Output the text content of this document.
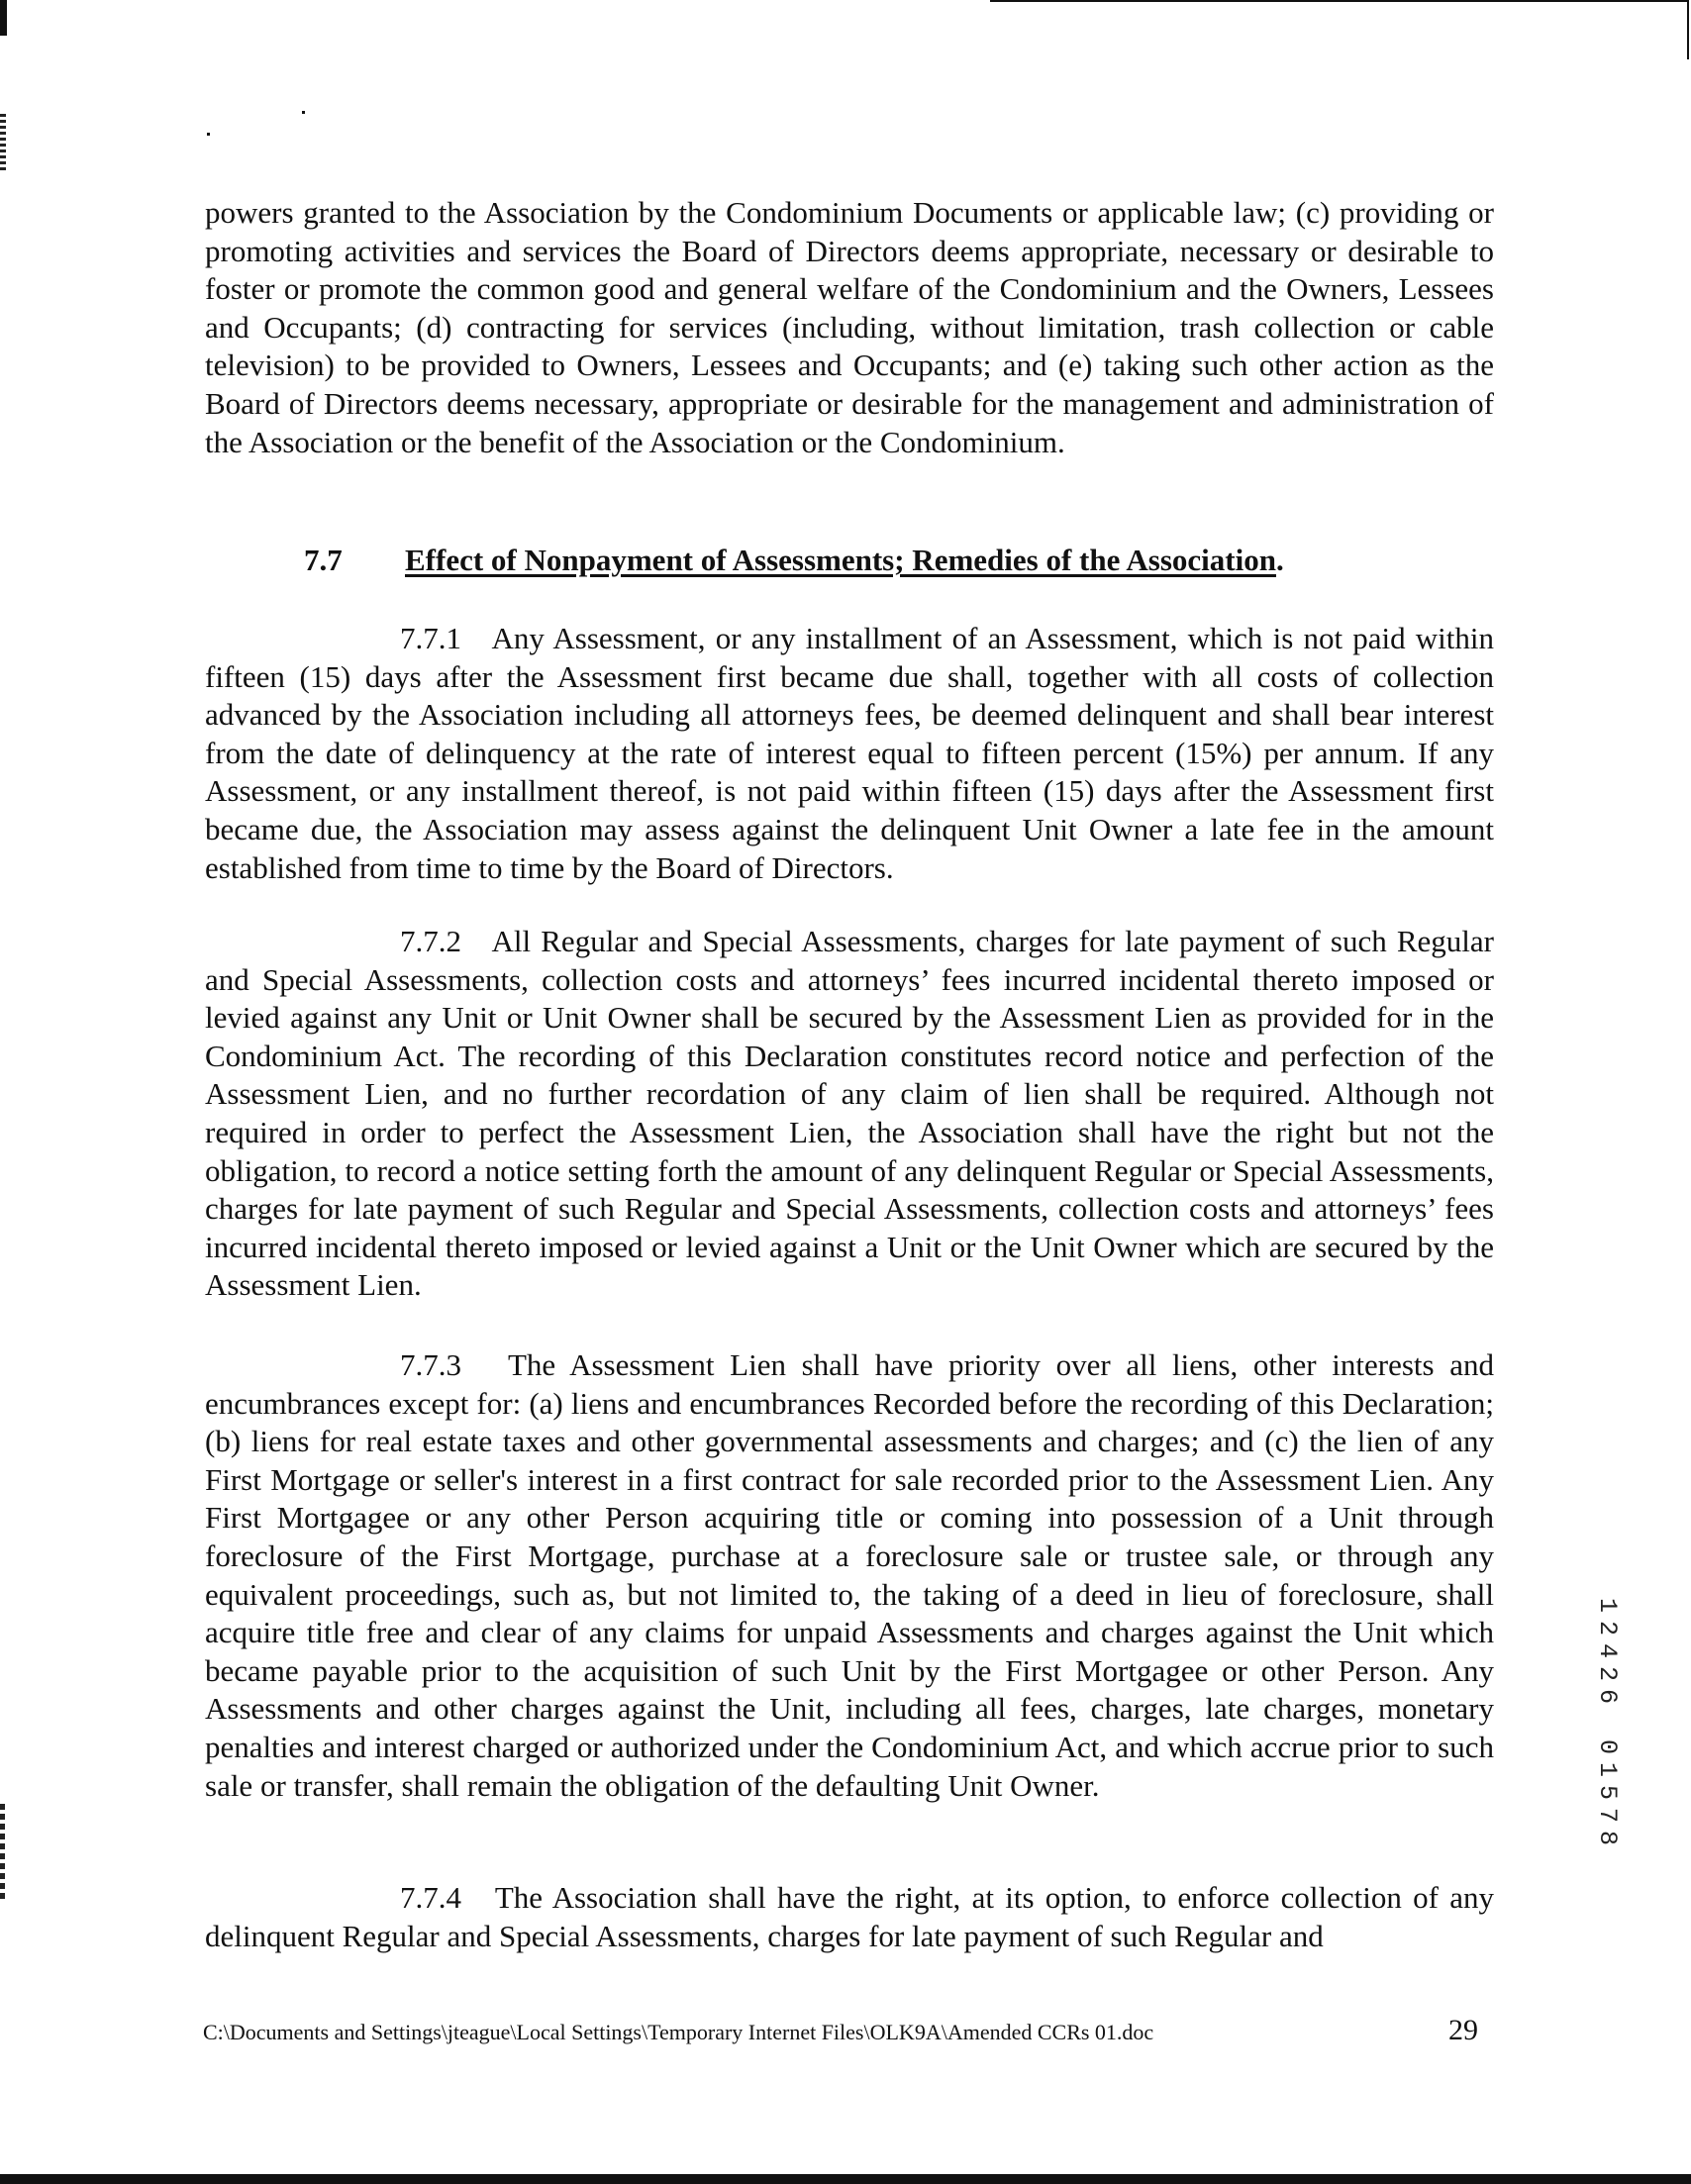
powers granted to the Association by the Condominium Documents or applicable law; (c) providing or promoting activities and services the Board of Directors deems appropriate, necessary or desirable to foster or promote the common good and general welfare of the Condominium and the Owners, Lessees and Occupants; (d) contracting for services (including, without limitation, trash collection or cable television) to be provided to Owners, Lessees and Occupants; and (e) taking such other action as the Board of Directors deems necessary, appropriate or desirable for the management and administration of the Association or the benefit of the Association or the Condominium.
7.7 Effect of Nonpayment of Assessments; Remedies of the Association.
7.7.1 Any Assessment, or any installment of an Assessment, which is not paid within fifteen (15) days after the Assessment first became due shall, together with all costs of collection advanced by the Association including all attorneys fees, be deemed delinquent and shall bear interest from the date of delinquency at the rate of interest equal to fifteen percent (15%) per annum. If any Assessment, or any installment thereof, is not paid within fifteen (15) days after the Assessment first became due, the Association may assess against the delinquent Unit Owner a late fee in the amount established from time to time by the Board of Directors.
7.7.2 All Regular and Special Assessments, charges for late payment of such Regular and Special Assessments, collection costs and attorneys’ fees incurred incidental thereto imposed or levied against any Unit or Unit Owner shall be secured by the Assessment Lien as provided for in the Condominium Act. The recording of this Declaration constitutes record notice and perfection of the Assessment Lien, and no further recordation of any claim of lien shall be required. Although not required in order to perfect the Assessment Lien, the Association shall have the right but not the obligation, to record a notice setting forth the amount of any delinquent Regular or Special Assessments, charges for late payment of such Regular and Special Assessments, collection costs and attorneys’ fees incurred incidental thereto imposed or levied against a Unit or the Unit Owner which are secured by the Assessment Lien.
7.7.3 The Assessment Lien shall have priority over all liens, other interests and encumbrances except for: (a) liens and encumbrances Recorded before the recording of this Declaration; (b) liens for real estate taxes and other governmental assessments and charges; and (c) the lien of any First Mortgage or seller's interest in a first contract for sale recorded prior to the Assessment Lien. Any First Mortgagee or any other Person acquiring title or coming into possession of a Unit through foreclosure of the First Mortgage, purchase at a foreclosure sale or trustee sale, or through any equivalent proceedings, such as, but not limited to, the taking of a deed in lieu of foreclosure, shall acquire title free and clear of any claims for unpaid Assessments and charges against the Unit which became payable prior to the acquisition of such Unit by the First Mortgagee or other Person. Any Assessments and other charges against the Unit, including all fees, charges, late charges, monetary penalties and interest charged or authorized under the Condominium Act, and which accrue prior to such sale or transfer, shall remain the obligation of the defaulting Unit Owner.
7.7.4 The Association shall have the right, at its option, to enforce collection of any delinquent Regular and Special Assessments, charges for late payment of such Regular and
1
2
4
2
6
0
1
5
7
8
C:\Documents and Settings\jteague\Local Settings\Temporary Internet Files\OLK9A\Amended CCRs 01.doc	29
